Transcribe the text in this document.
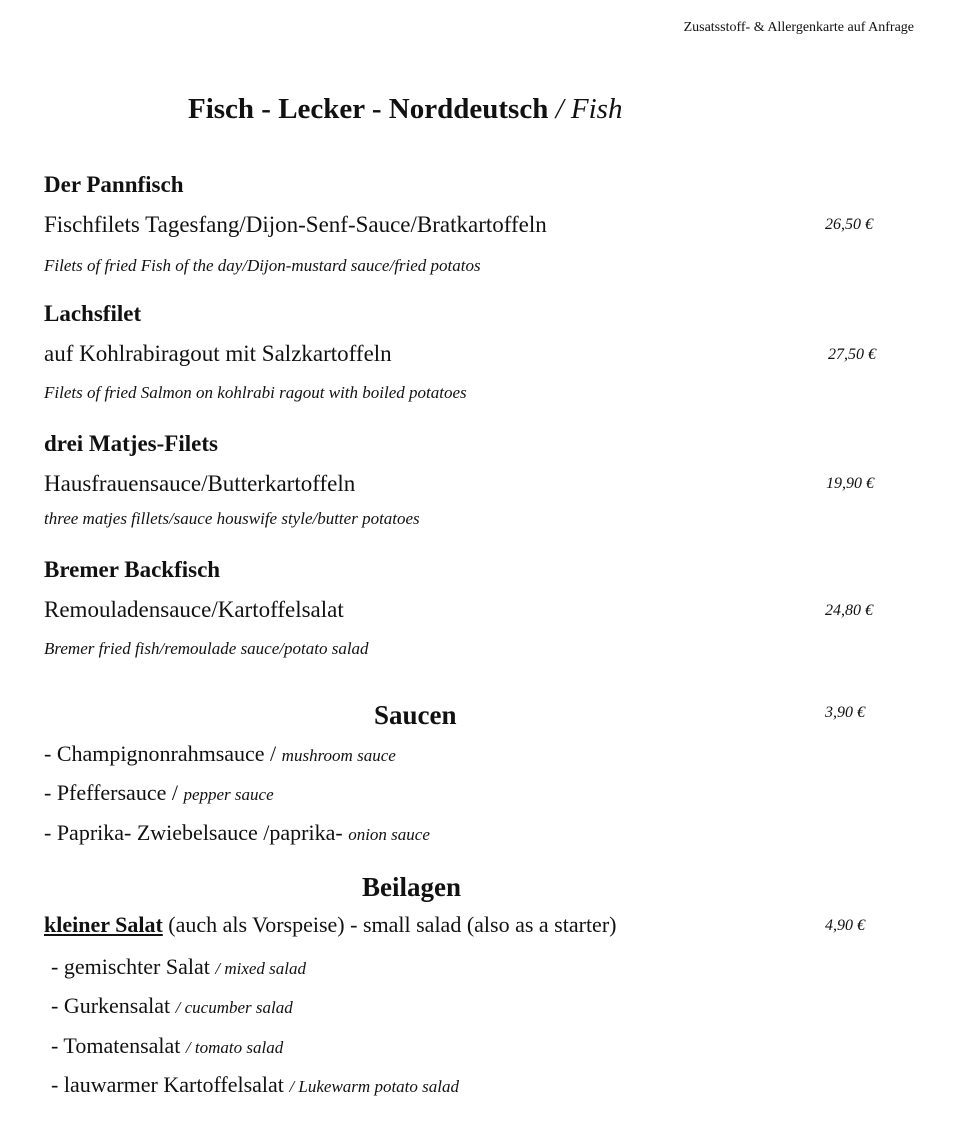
Zusatsstoff- & Allergenkarte auf Anfrage
Fisch - Lecker - Norddeutsch / Fish
Der Pannfisch
Fischfilets Tagesfang/Dijon-Senf-Sauce/Bratkartoffeln	26,50 €
Filets of fried Fish of the day/Dijon-mustard sauce/fried potatos
Lachsfilet
auf Kohlrabiragout mit Salzkartoffeln	27,50 €
Filets of fried Salmon on kohlrabi ragout with boiled potatoes
drei Matjes-Filets
Hausfrauensauce/Butterkartoffeln	19,90 €
three matjes fillets/sauce houswife style/butter potatoes
Bremer Backfisch
Remouladensauce/Kartoffelsalat	24,80 €
Bremer fried fish/remoulade sauce/potato salad
Saucen	3,90 €
- Champignonrahmsauce / mushroom sauce
- Pfeffersauce / pepper sauce
- Paprika- Zwiebelsauce /paprika- onion sauce
Beilagen
kleiner Salat (auch als Vorspeise) - small salad (also as a starter)	4,90 €
- gemischter Salat / mixed salad
- Gurkensalat / cucumber salad
- Tomatensalat / tomato salad
- lauwarmer Kartoffelsalat / Lukewarm potato salad
